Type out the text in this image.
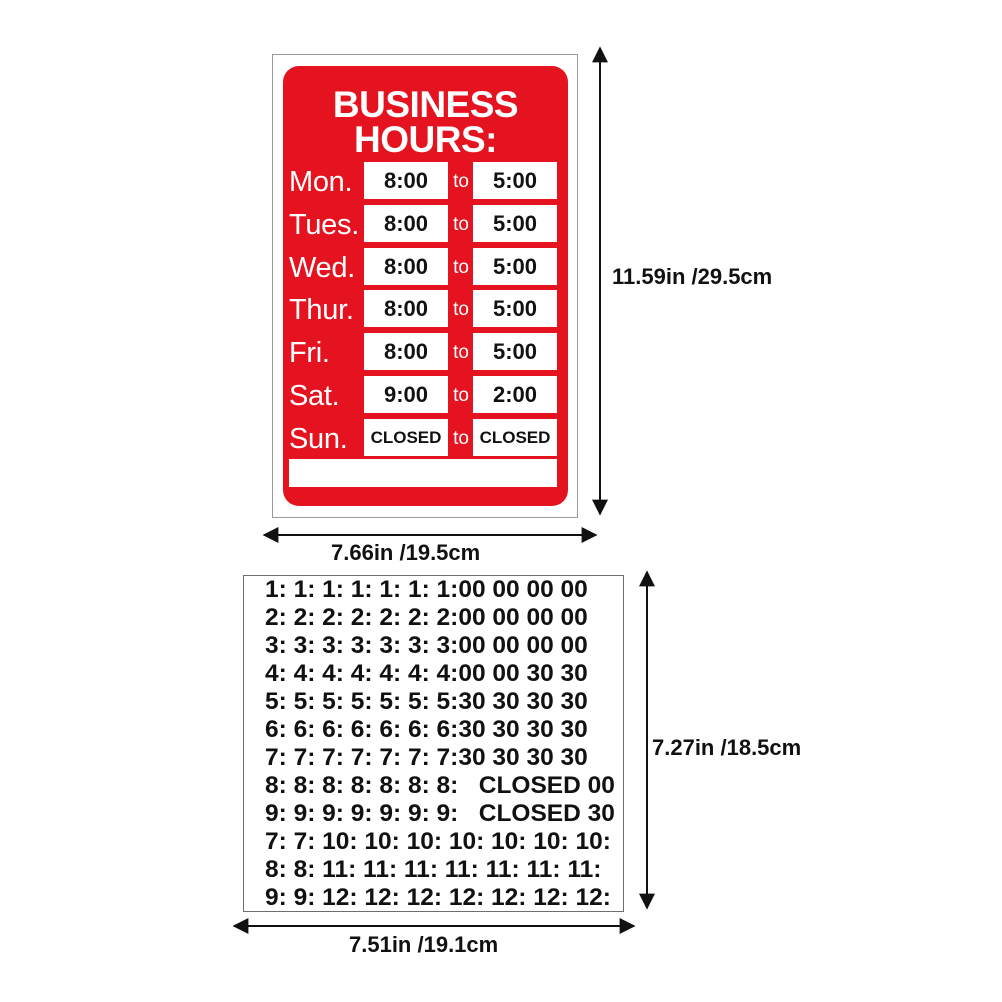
BUSINESS
HOURS:
Mon.	8:00	to	5:00
Tues.	8:00	to	5:00
Wed.	8:00	to	5:00
Thur.	8:00	to	5:00
Fri.	8:00	to	5:00
Sat.	9:00	to	2:00
Sun.	CLOSED to CLOSED
1: 1: 1: 1: 1: 1: 1:00 00 00 00
2: 2: 2: 2: 2: 2: 2:00 00 00 00
3: 3: 3: 3: 3: 3: 3:00 00 00 00
4: 4: 4: 4: 4: 4: 4:00 00 30 30
5: 5: 5: 5: 5: 5: 5:30 30 30 30
6: 6: 6: 6: 6: 6: 6:30 30 30 30
7: 7: 7: 7: 7: 7: 7:30 30 30 30
8: 8: 8: 8: 8: 8: 8:   CLOSED 00
9: 9: 9: 9: 9: 9: 9:   CLOSED 30
7: 7: 10: 10: 10: 10: 10: 10: 10:
8: 8: 11: 11: 11: 11: 11: 11: 11:
9: 9: 12: 12: 12: 12: 12: 12: 12:
11.59in /29.5cm
7.66in /19.5cm
7.27in /18.5cm
7.51in /19.1cm
